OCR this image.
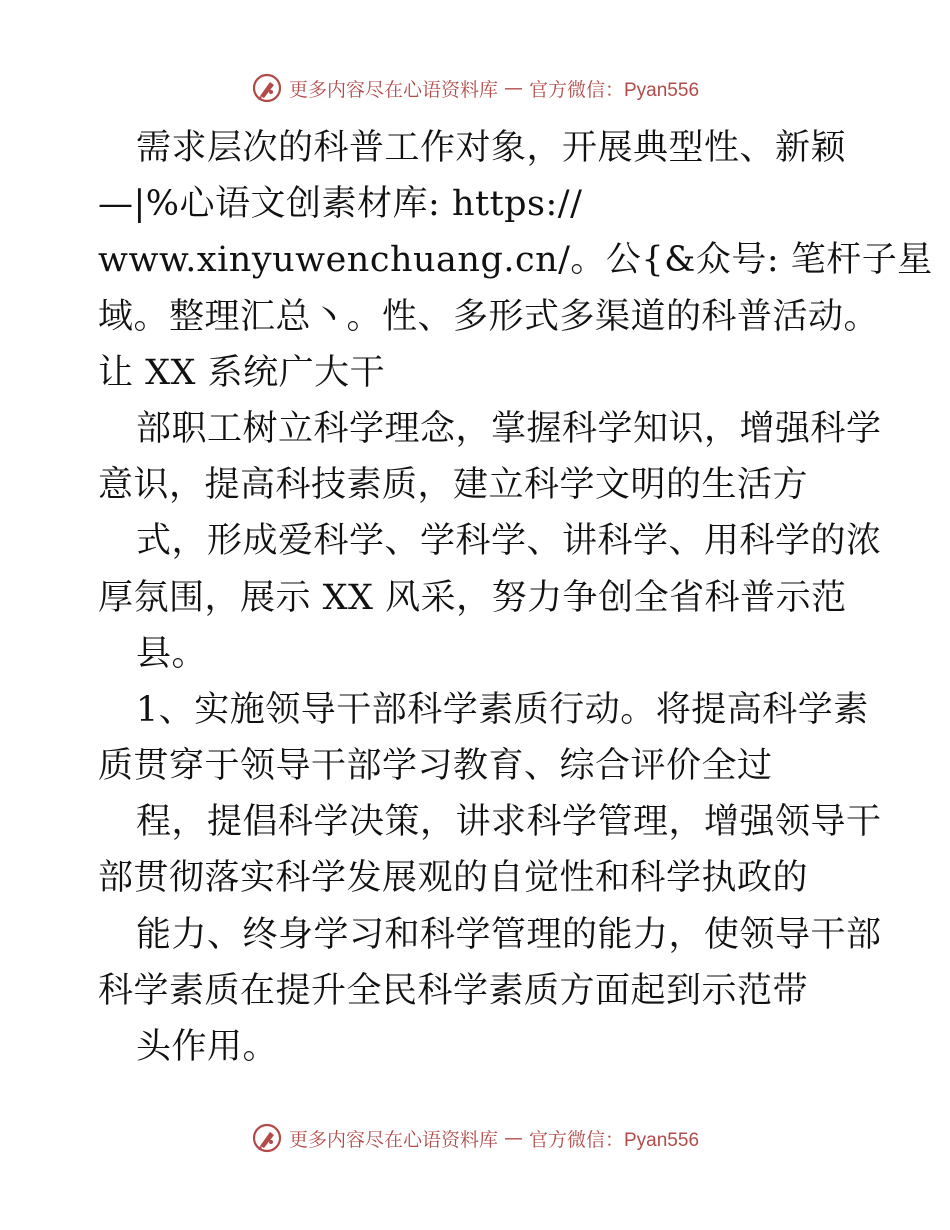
更多内容尽在心语资料库 — 官方微信：Pyan556
需求层次的科普工作对象，开展典型性、新颖
—|%心语文创素材库: https://
www.xinyuwenchuang.cn/。公{&众号: 笔杆子星
域。整理汇总丶。性、多形式多渠道的科普活动。
让 XX 系统广大干
部职工树立科学理念，掌握科学知识，增强科学
意识，提高科技素质，建立科学文明的生活方
式，形成爱科学、学科学、讲科学、用科学的浓
厚氛围，展示 XX 风采，努力争创全省科普示范
县。
1、实施领导干部科学素质行动。将提高科学素
质贯穿于领导干部学习教育、综合评价全过
程，提倡科学决策，讲求科学管理，增强领导干
部贯彻落实科学发展观的自觉性和科学执政的
能力、终身学习和科学管理的能力，使领导干部
科学素质在提升全民科学素质方面起到示范带
头作用。
更多内容尽在心语资料库 — 官方微信：Pyan556
